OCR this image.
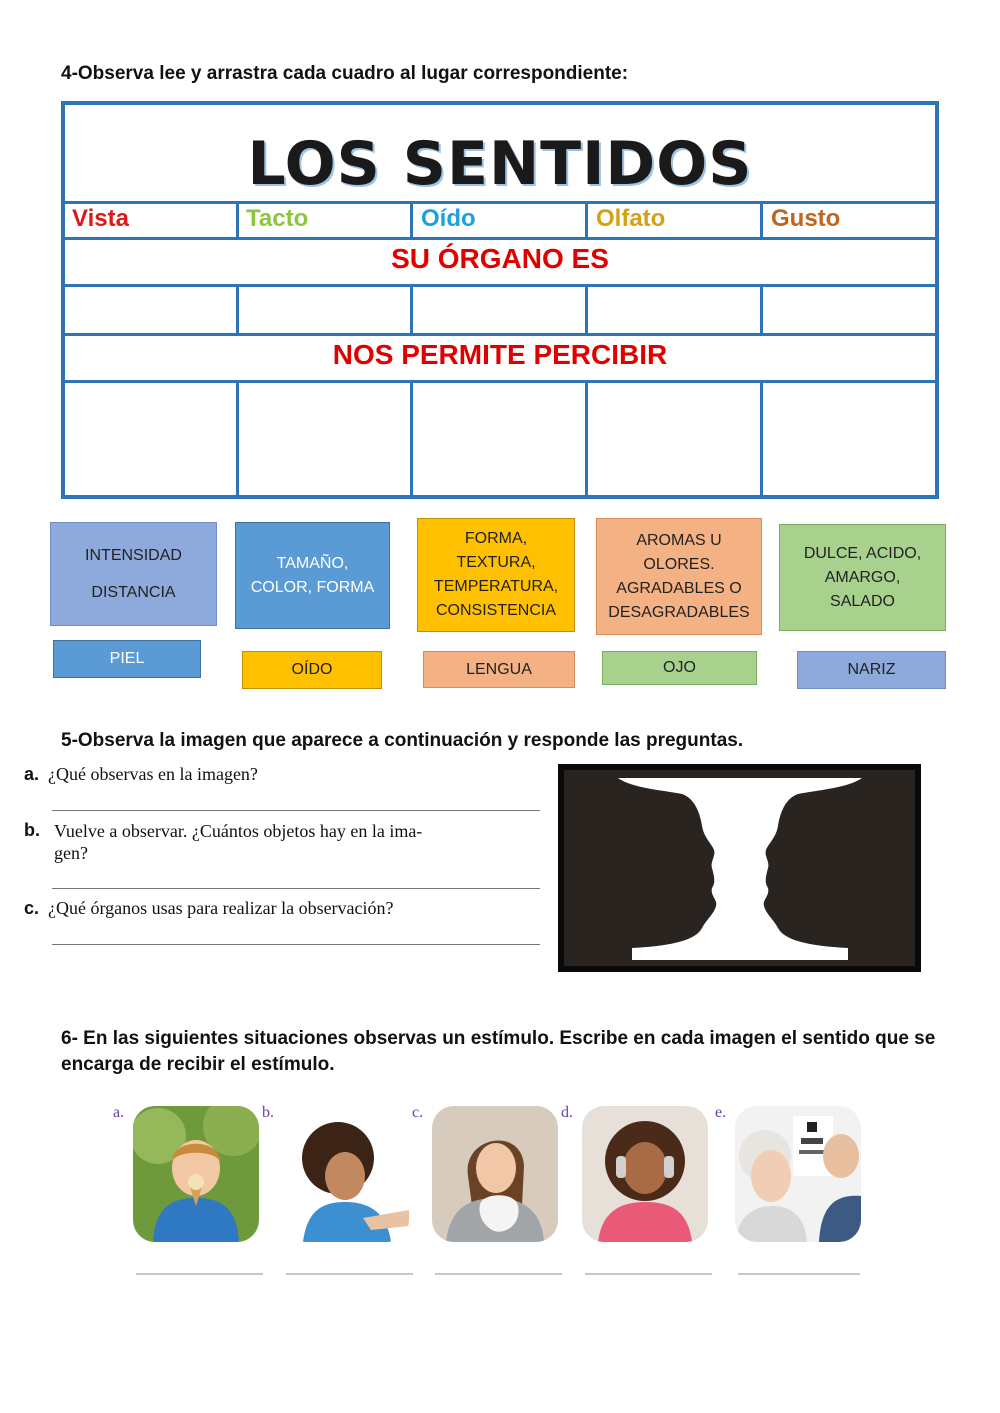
4-Observa lee y arrastra cada cuadro al lugar correspondiente:
LOS SENTIDOS
Vista	Tacto	Oído	Olfato	Gusto
SU ÓRGANO ES
NOS PERMITE PERCIBIR
INTENSIDAD
DISTANCIA
TAMAÑO,
COLOR, FORMA
FORMA,
TEXTURA,
TEMPERATURA,
CONSISTENCIA
AROMAS U
OLORES.
AGRADABLES O
DESAGRADABLES
DULCE, ACIDO,
AMARGO,
SALADO
PIEL
OÍDO	LENGUA	OJO	NARIZ
5-Observa la imagen que aparece a continuación y responde las preguntas.
a. ¿Qué observas en la imagen?
b. Vuelve a observar. ¿Cuántos objetos hay en la ima-
gen?
c. ¿Qué órganos usas para realizar la observación?
6- En las siguientes situaciones observas un estímulo. Escribe en cada imagen el sentido que se encarga de recibir el estímulo.
a.	b.	c.	d.	e.
